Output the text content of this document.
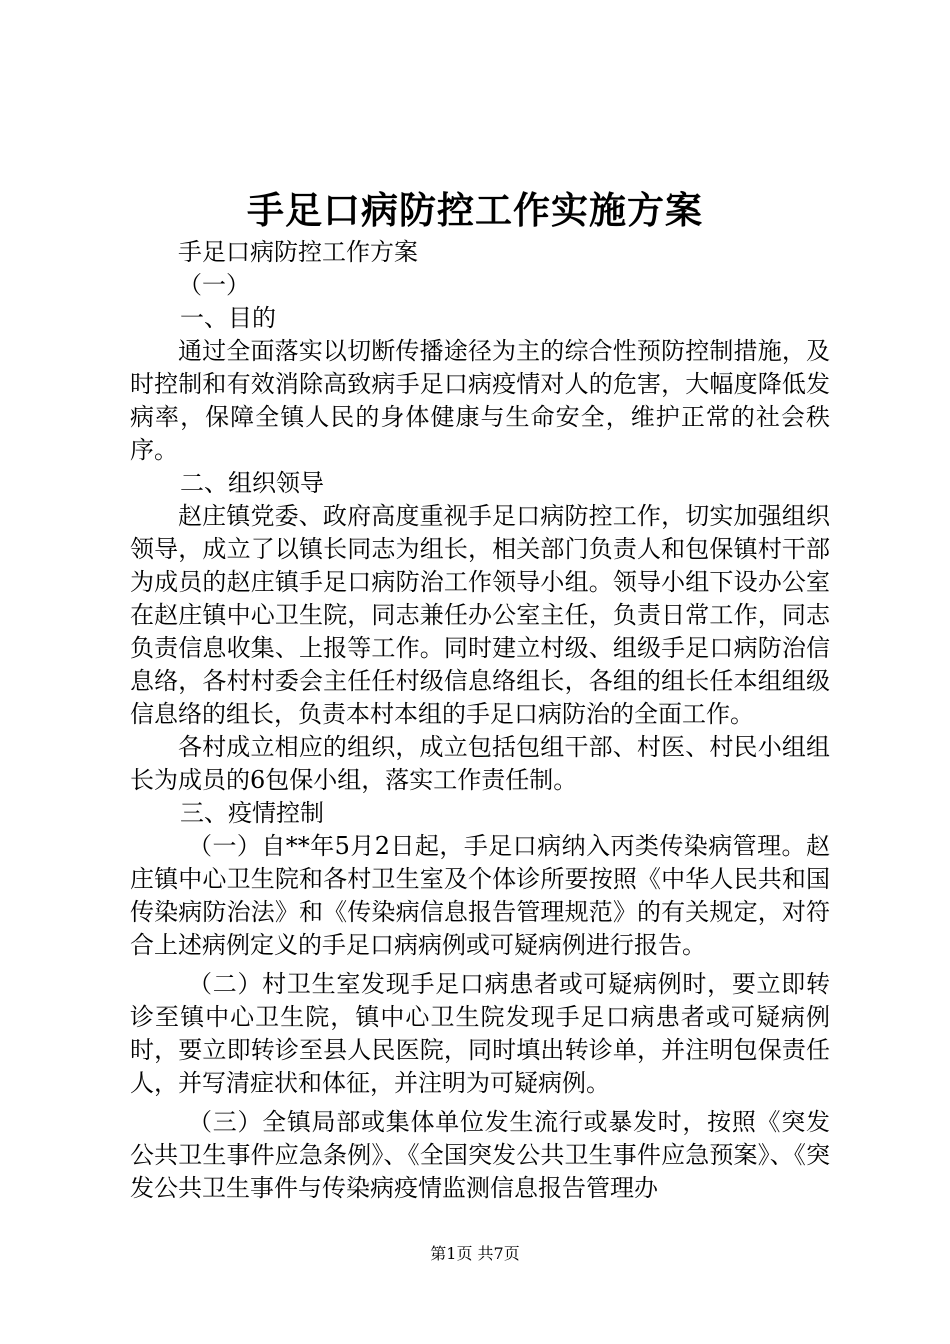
手足口病防控工作实施方案

手足口病防控工作方案

（一）

一、目的

通过全面落实以切断传播途径为主的综合性预防控制措施，及时控制和有效消除高致病手足口病疫情对人的危害，大幅度降低发病率，保障全镇人民的身体健康与生命安全，维护正常的社会秩序。

二、组织领导

赵庄镇党委、政府高度重视手足口病防控工作，切实加强组织领导，成立了以镇长同志为组长，相关部门负责人和包保镇村干部为成员的赵庄镇手足口病防治工作领导小组。领导小组下设办公室在赵庄镇中心卫生院，同志兼任办公室主任，负责日常工作，同志负责信息收集、上报等工作。同时建立村级、组级手足口病防治信息络，各村村委会主任任村级信息络组长，各组的组长任本组组级信息络的组长，负责本村本组的手足口病防治的全面工作。

各村成立相应的组织，成立包括包组干部、村医、村民小组组长为成员的6包保小组，落实工作责任制。

三、疫情控制

（一）自**年5月2日起，手足口病纳入丙类传染病管理。赵庄镇中心卫生院和各村卫生室及个体诊所要按照《中华人民共和国传染病防治法》和《传染病信息报告管理规范》的有关规定，对符合上述病例定义的手足口病病例或可疑病例进行报告。

（二）村卫生室发现手足口病患者或可疑病例时，要立即转诊至镇中心卫生院，镇中心卫生院发现手足口病患者或可疑病例时，要立即转诊至县人民医院，同时填出转诊单，并注明包保责任人，并写清症状和体征，并注明为可疑病例。

（三）全镇局部或集体单位发生流行或暴发时，按照《突发公共卫生事件应急条例》、《全国突发公共卫生事件应急预案》、《突发公共卫生事件与传染病疫情监测信息报告管理办

第1页 共7页
